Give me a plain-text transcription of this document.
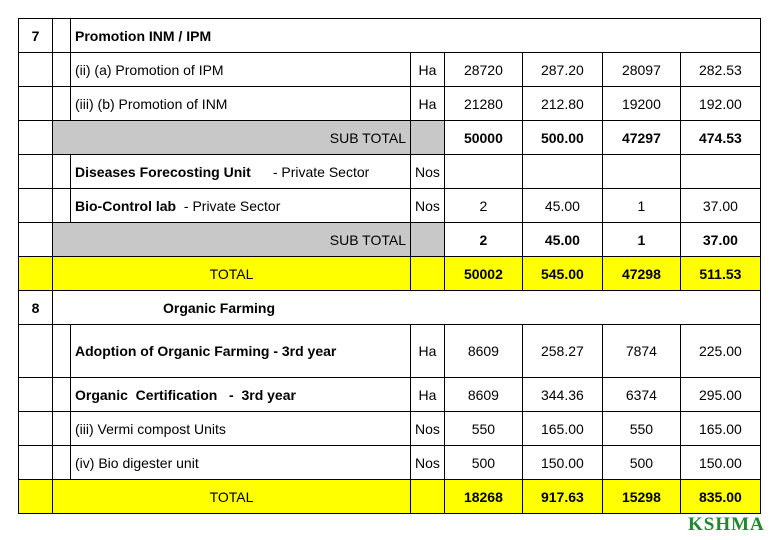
7		Promotion INM / IPM					
		(ii) (a) Promotion of IPM	Ha	28720	287.20	28097	282.53
		(iii) (b) Promotion of INM	Ha	21280	212.80	19200	192.00
	SUB TOTAL			50000	500.00	47297	474.53
		Diseases Forecosting Unit - Private Sector	Nos				
		Bio-Control lab - Private Sector	Nos	2	45.00	1	37.00
	SUB TOTAL			2	45.00	1	37.00
	TOTAL			50002	545.00	47298	511.53
8	Organic Farming						
		Adoption of Organic Farming - 3rd year	Ha	8609	258.27	7874	225.00
		Organic  Certification   -  3rd year	Ha	8609	344.36	6374	295.00
		(iii) Vermi compost Units	Nos	550	165.00	550	165.00
		(iv) Bio digester unit	Nos	500	150.00	500	150.00
	TOTAL			18268	917.63	15298	835.00
KSHMA
